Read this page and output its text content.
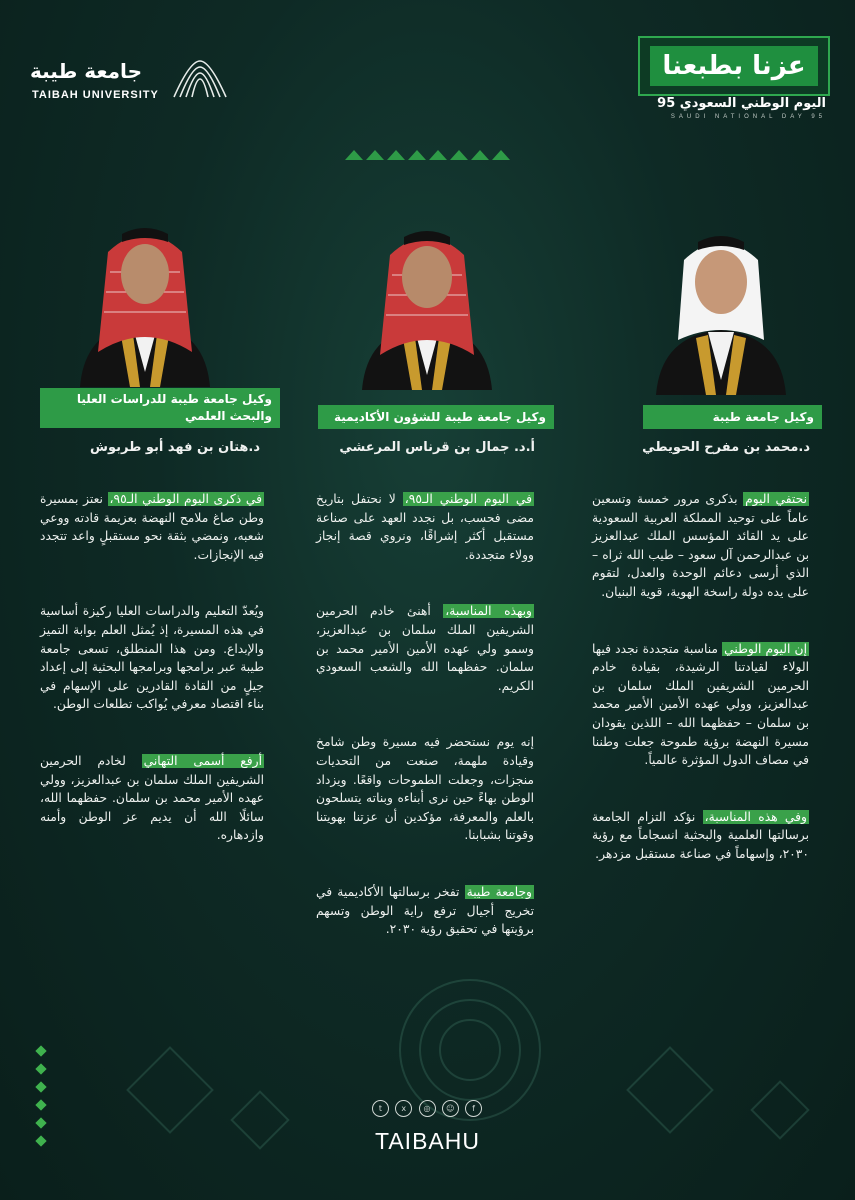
جامعة طيبة
TAIBAH UNIVERSITY
عزنا بطبعنا
اليوم الوطني السعودي 95
SAUDI NATIONAL DAY 95
وكيل جامعة طيبة
د.محمد بن مفرح الحويطي
وكيل جامعة طيبة للشؤون الأكاديمية
أ.د. جمال بن قرناس المرعشي
وكيل جامعة طيبة للدراسات العليا
والبحث العلمي
د.هتان بن فهد أبو طربوش

نحتفي اليوم بذكرى مرور خمسة وتسعين عاماً على توحيد المملكة العربية السعودية على يد القائد المؤسس الملك عبدالعزيز بن عبدالرحمن آل سعود – طيب الله ثراه – الذي أرسى دعائم الوحدة والعدل، لتقوم على يده دولة راسخة الهوية، قوية البنيان.

إن اليوم الوطني مناسبة متجددة نجدد فيها الولاء لقيادتنا الرشيدة، بقيادة خادم الحرمين الشريفين الملك سلمان بن عبدالعزيز، وولي عهده الأمين الأمير محمد بن سلمان – حفظهما الله – اللذين يقودان مسيرة النهضة برؤية طموحة جعلت وطننا في مصاف الدول المؤثرة عالمياً.

وفي هذه المناسبة، نؤكد التزام الجامعة برسالتها العلمية والبحثية انسجاماً مع رؤية ٢٠٣٠، وإسهاماً في صناعة مستقبل مزدهر.

في اليوم الوطني الـ٩٥، لا نحتفل بتاريخ مضى فحسب، بل نجدد العهد على صناعة مستقبل أكثر إشراقًا، ونروي قصة إنجاز وولاء متجددة.

وبهذه المناسبة، أهنئ خادم الحرمين الشريفين الملك سلمان بن عبدالعزيز، وسمو ولي عهده الأمين الأمير محمد بن سلمان. حفظهما الله والشعب السعودي الكريم.

إنه يوم نستحضر فيه مسيرة وطن شامخ وقيادة ملهمة، صنعت من التحديات منجزات، وجعلت الطموحات واقعًا. ويزداد الوطن بهاءً حين نرى أبناءه وبناته يتسلحون بالعلم والمعرفة، مؤكدين أن عزتنا بهويتنا وقوتنا بشبابنا.

وجامعة طيبة تفخر برسالتها الأكاديمية في تخريج أجيال ترفع راية الوطن وتسهم برؤيتها في تحقيق رؤية ٢٠٣٠.

في ذكرى اليوم الوطني الـ٩٥، نعتز بمسيرة وطن صاغ ملامح النهضة بعزيمة قادته ووعي شعبه، ونمضي بثقة نحو مستقبلٍ واعد تتجدد فيه الإنجازات.

ويُعدّ التعليم والدراسات العليا ركيزة أساسية في هذه المسيرة، إذ يُمثل العلم بوابة التميز والإبداع. ومن هذا المنطلق، تسعى جامعة طيبة عبر برامجها وبرامجها البحثية إلى إعداد جيلٍ من القادة القادرين على الإسهام في بناء اقتصاد معرفي يُواكب تطلعات الوطن.

أرفع أسمى التهاني لخادم الحرمين الشريفين الملك سلمان بن عبدالعزيز، وولي عهده الأمير محمد بن سلمان. حفظهما الله، سائلًا الله أن يديم عز الوطن وأمنه وازدهاره.

t	x	◎	☺	f
TAIBAHU
